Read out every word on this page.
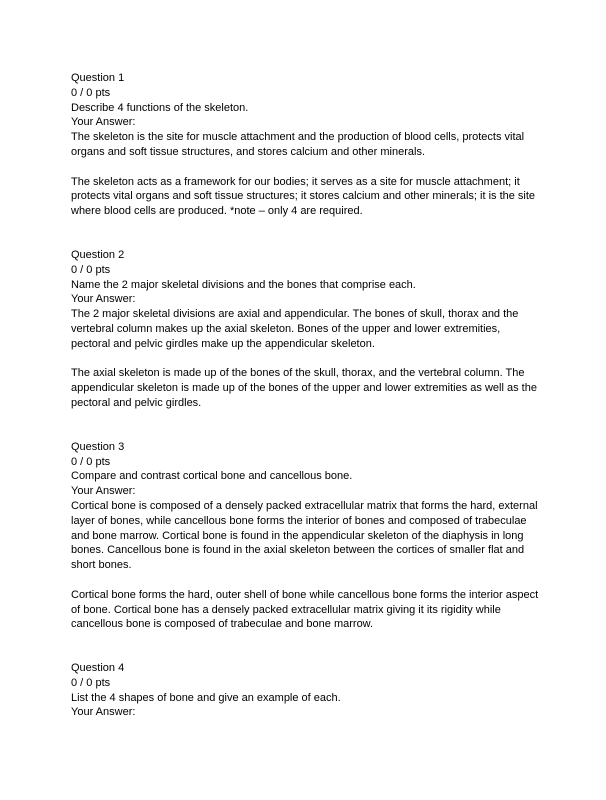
Question 1
0 / 0 pts
Describe 4 functions of the skeleton.
Your Answer:
The skeleton is the site for muscle attachment and the production of blood cells, protects vital organs and soft tissue structures, and stores calcium and other minerals.
The skeleton acts as a framework for our bodies; it serves as a site for muscle attachment; it protects vital organs and soft tissue structures; it stores calcium and other minerals; it is the site where blood cells are produced. *note – only 4 are required.
Question 2
0 / 0 pts
Name the 2 major skeletal divisions and the bones that comprise each.
Your Answer:
The 2 major skeletal divisions are axial and appendicular. The bones of skull, thorax and the vertebral column makes up the axial skeleton. Bones of the upper and lower extremities, pectoral and pelvic girdles make up the appendicular skeleton.
The axial skeleton is made up of the bones of the skull, thorax, and the vertebral column. The appendicular skeleton is made up of the bones of the upper and lower extremities as well as the pectoral and pelvic girdles.
Question 3
0 / 0 pts
Compare and contrast cortical bone and cancellous bone.
Your Answer:
Cortical bone is composed of a densely packed extracellular matrix that forms the hard, external layer of bones, while cancellous bone forms the interior of bones and composed of trabeculae and bone marrow. Cortical bone is found in the appendicular skeleton of the diaphysis in long bones. Cancellous bone is found in the axial skeleton between the cortices of smaller flat and short bones.
Cortical bone forms the hard, outer shell of bone while cancellous bone forms the interior aspect of bone. Cortical bone has a densely packed extracellular matrix giving it its rigidity while cancellous bone is composed of trabeculae and bone marrow.
Question 4
0 / 0 pts
List the 4 shapes of bone and give an example of each.
Your Answer:
